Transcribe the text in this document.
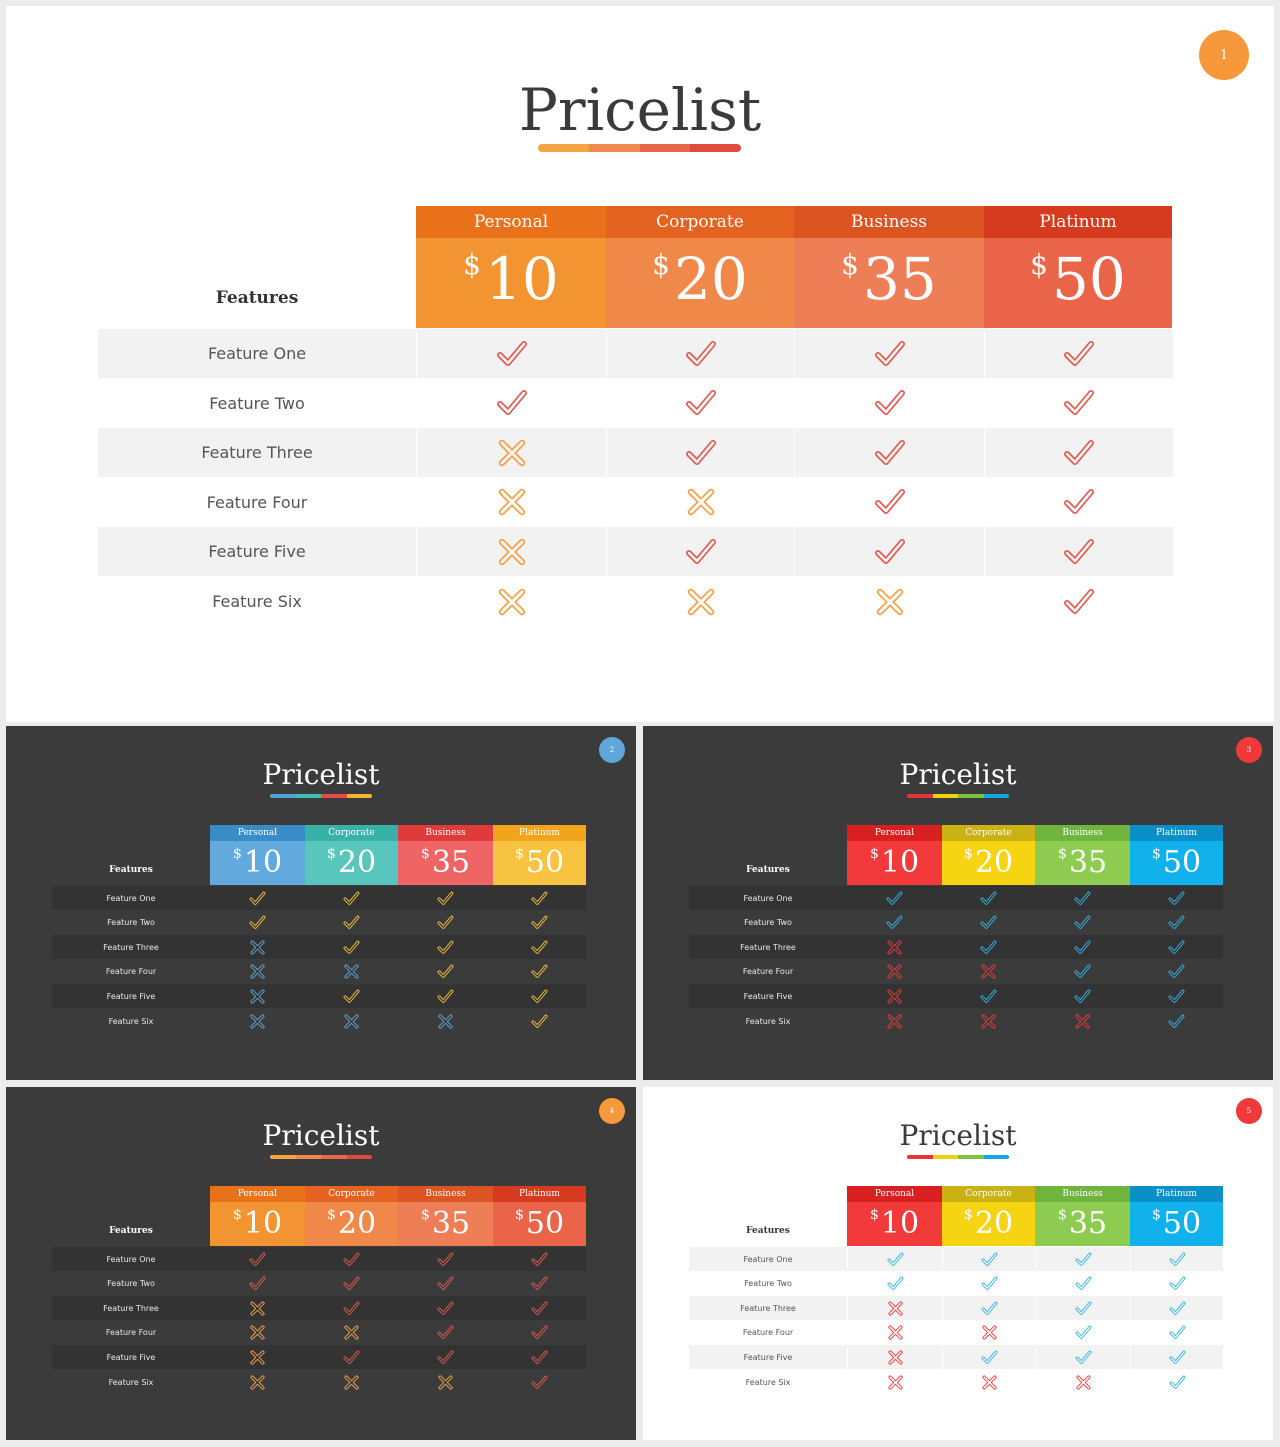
1
Pricelist
Features
Personal
$ 10
Corporate
$ 20
Business
$ 35
Platinum
$ 50
Feature One
Feature Two
Feature Three
Feature Four
Feature Five
Feature Six
2
Pricelist
Features
Personal
$ 10
Corporate
$ 20
Business
$ 35
Platinum
$ 50
Feature One
Feature Two
Feature Three
Feature Four
Feature Five
Feature Six
3
Pricelist
Features
Personal
$ 10
Corporate
$ 20
Business
$ 35
Platinum
$ 50
Feature One
Feature Two
Feature Three
Feature Four
Feature Five
Feature Six
4
Pricelist
Features
Personal
$ 10
Corporate
$ 20
Business
$ 35
Platinum
$ 50
Feature One
Feature Two
Feature Three
Feature Four
Feature Five
Feature Six
5
Pricelist
Features
Personal
$ 10
Corporate
$ 20
Business
$ 35
Platinum
$ 50
Feature One
Feature Two
Feature Three
Feature Four
Feature Five
Feature Six
